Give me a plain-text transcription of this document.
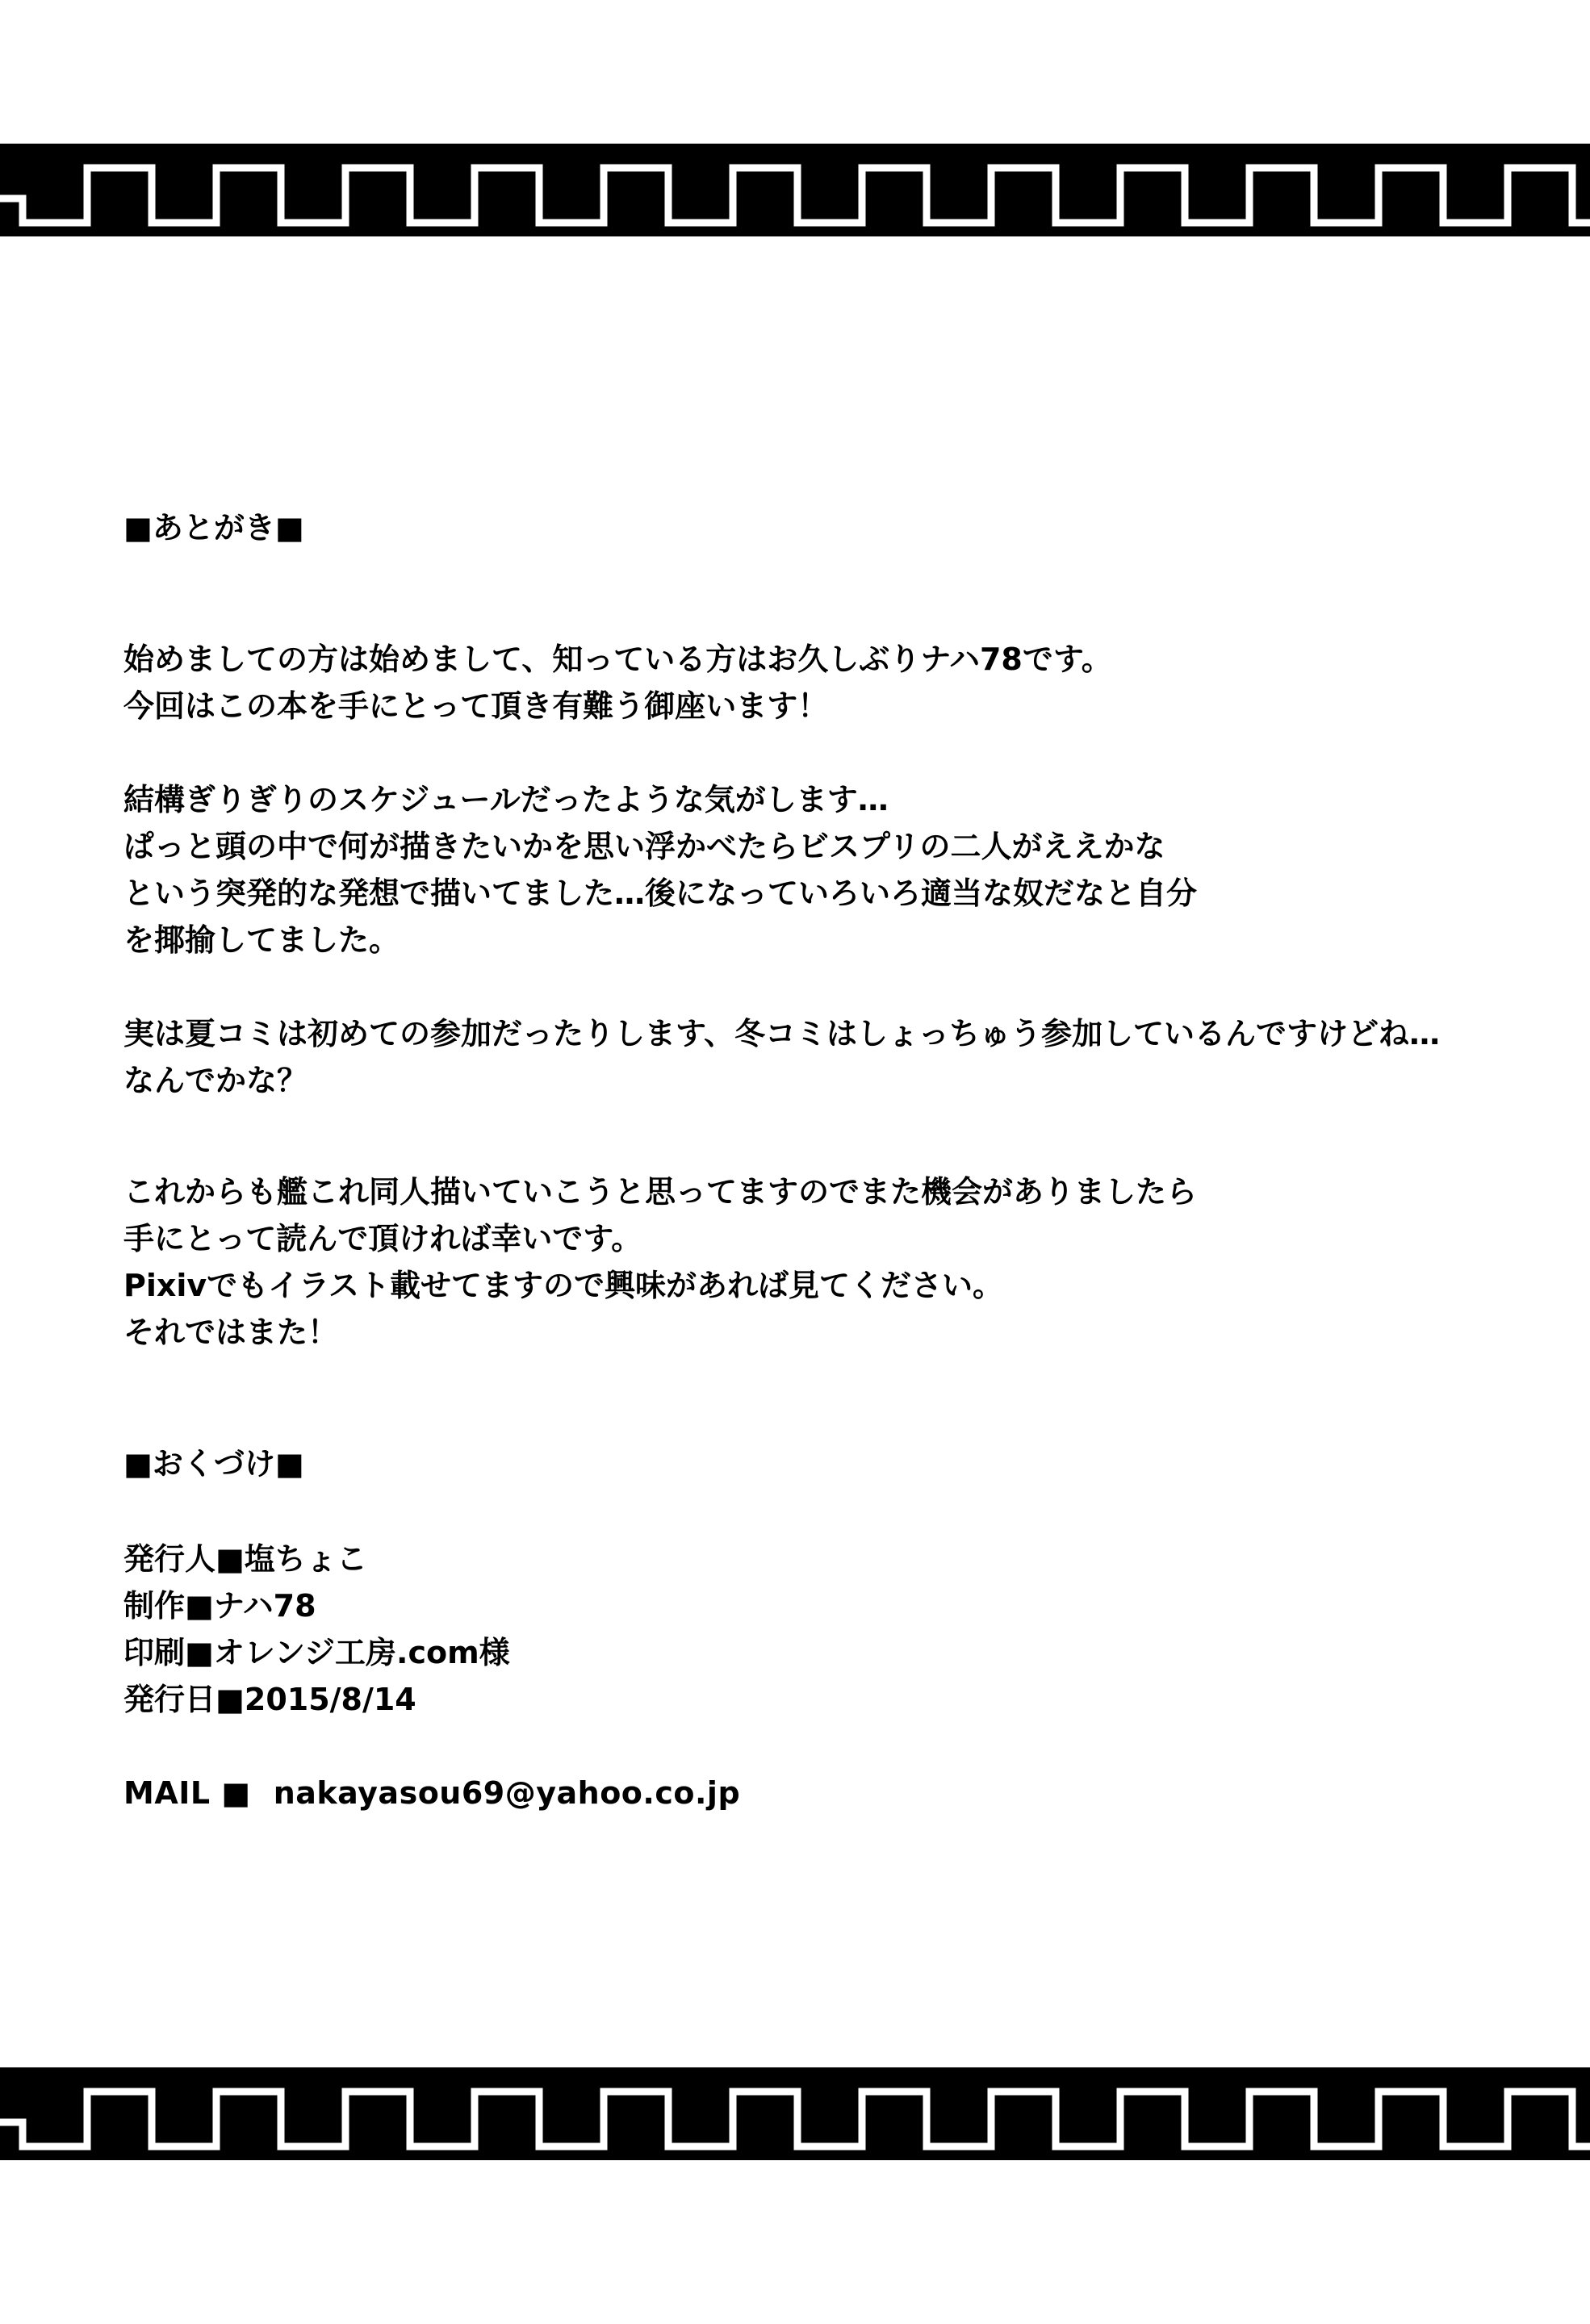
■あとがき■
始めましての方は始めまして、知っている方はお久しぶりナハ78です。
今回はこの本を手にとって頂き有難う御座います！
結構ぎりぎりのスケジュールだったような気がします…
ぱっと頭の中で何が描きたいかを思い浮かべたらビスプリの二人がええかな
という突発的な発想で描いてました…後になっていろいろ適当な奴だなと自分
を揶揄してました。
実は夏コミは初めての参加だったりします、冬コミはしょっちゅう参加しているんですけどね…
なんでかな？
これからも艦これ同人描いていこうと思ってますのでまた機会がありましたら
手にとって読んで頂ければ幸いです。
Pixivでもイラスト載せてますので興味があれば見てください。
それではまた！
■おくづけ■
発行人■塩ちょこ
制作■ナハ78
印刷■オレンジ工房.com様
発行日■2015/8/14
MAIL ■ nakayasou69@yahoo.co.jp
